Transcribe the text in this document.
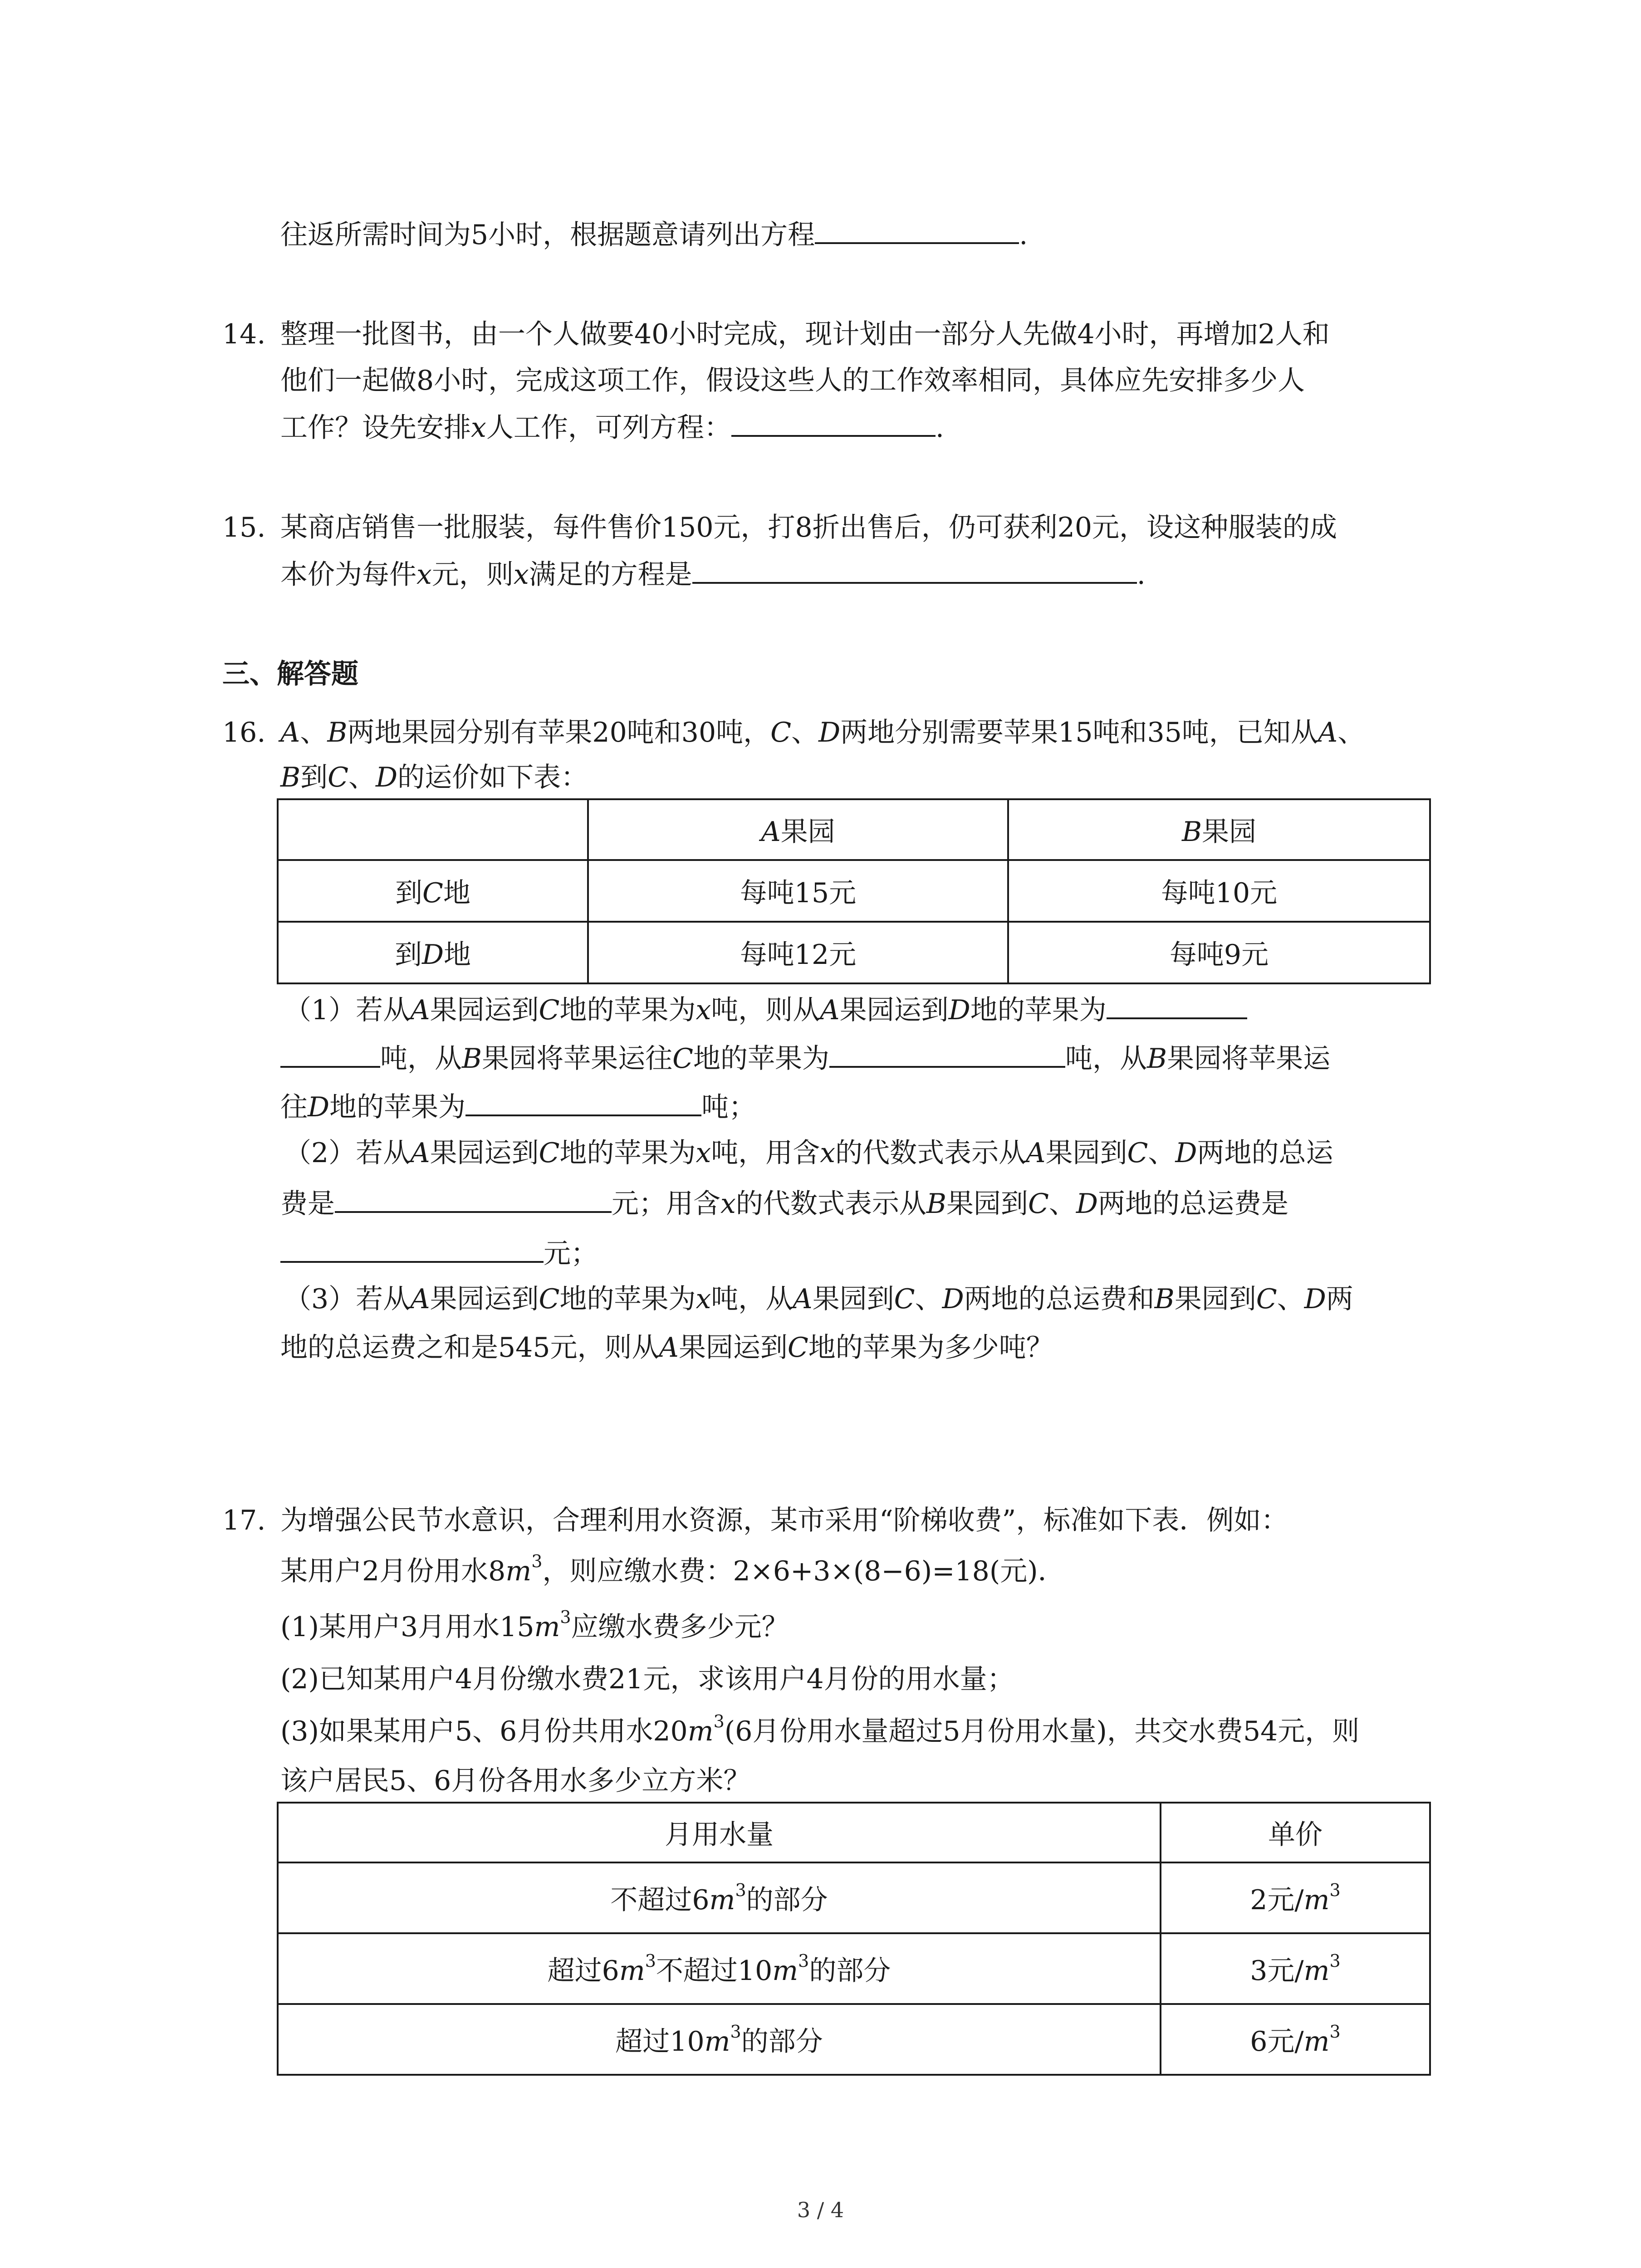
往返所需时间为5小时，根据题意请列出方程	.
14. 整理一批图书，由一个人做要40小时完成，现计划由一部分人先做4小时，再增加2人和
他们一起做8小时，完成这项工作，假设这些人的工作效率相同，具体应先安排多少人
工作？设先安排x人工作，可列方程：	.
15. 某商店销售一批服装，每件售价150元，打8折出售后，仍可获利20元，设这种服装的成
本价为每件x元，则x满足的方程是	.
三、解答题
16. A、B两地果园分别有苹果20吨和30吨，C、D两地分别需要苹果15吨和35吨，已知从A、
B到C、D的运价如下表：
	A果园	B果园
到C地	每吨15元	每吨10元
到D地	每吨12元	每吨9元
（1）若从A果园运到C地的苹果为x吨，则从A果园运到D地的苹果为
吨，从B果园将苹果运往C地的苹果为	吨，从B果园将苹果运
往D地的苹果为	吨；
（2）若从A果园运到C地的苹果为x吨，用含x的代数式表示从A果园到C、D两地的总运
费是	元；用含x的代数式表示从B果园到C、D两地的总运费是
元；
（3）若从A果园运到C地的苹果为x吨，从A果园到C、D两地的总运费和B果园到C、D两
地的总运费之和是545元，则从A果园运到C地的苹果为多少吨？
17. 为增强公民节水意识，合理利用水资源，某市采用“阶梯收费”，标准如下表．例如：
某用户2月份用水$8m^3$，则应缴水费：2×6+3×(8−6)=18(元)．
(1)某用户3月用水$15m^3$应缴水费多少元？
(2)已知某用户4月份缴水费21元，求该用户4月份的用水量；
(3)如果某用户5、6月份共用水$20m^3(6$月份用水量超过5月份用水量)，共交水费54元，则
该户居民5、6月份各用水多少立方米？
月用水量	单价
不超过$6m^3$的部分	2元$/m^3$
超过$6m^3$不超过$10m^3$的部分	3元$/m^3$
超过$10m^3$的部分	6元$/m^3$
3 / 4
